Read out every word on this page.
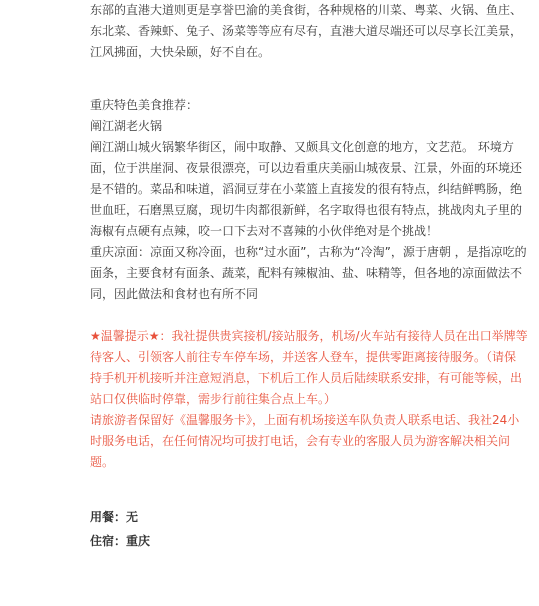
东部的直港大道则更是享誉巴渝的美食街，各种规格的川菜、粤菜、火锅、鱼庄、

东北菜、香辣虾、兔子、汤菜等等应有尽有，直港大道尽端还可以尽享长江美景，

江风拂面，大快朵颐，好不自在。

重庆特色美食推荐：

阐江湖老火锅

阐江湖山城火锅繁华街区，闹中取静、又颇具文化创意的地方，文艺范。 环境方

面，位于洪崖洞、夜景很漂亮，可以边看重庆美丽山城夜景、江景，外面的环境还

是不错的。菜品和味道，滔洞豆芽在小菜篮上直接发的很有特点，纠结鲜鸭肠，绝

世血旺，石磨黑豆腐，现切牛肉都很新鲜，名字取得也很有特点，挑战肉丸子里的

海椒有点硬有点辣，咬一口下去对不喜辣的小伙伴绝对是个挑战！

重庆凉面：凉面又称冷面，也称“过水面”，古称为“冷淘”，源于唐朝 ，是指凉吃的

面条，主要食材有面条、蔬菜，配料有辣椒油、盐、味精等，但各地的凉面做法不

同，因此做法和食材也有所不同

★温馨提示★：我社提供贵宾接机/接站服务，机场/火车站有接待人员在出口举牌等

待客人、引领客人前往专车停车场，并送客人登车，提供零距离接待服务。（请保

持手机开机接听并注意短消息，下机后工作人员后陆续联系安排，有可能等候，出

站口仅供临时停靠，需步行前往集合点上车。）

请旅游者保留好《温馨服务卡》，上面有机场接送车队负责人联系电话、我社24小

时服务电话，在任何情况均可拔打电话，会有专业的客服人员为游客解决相关问

题。

用餐：无

住宿：重庆
